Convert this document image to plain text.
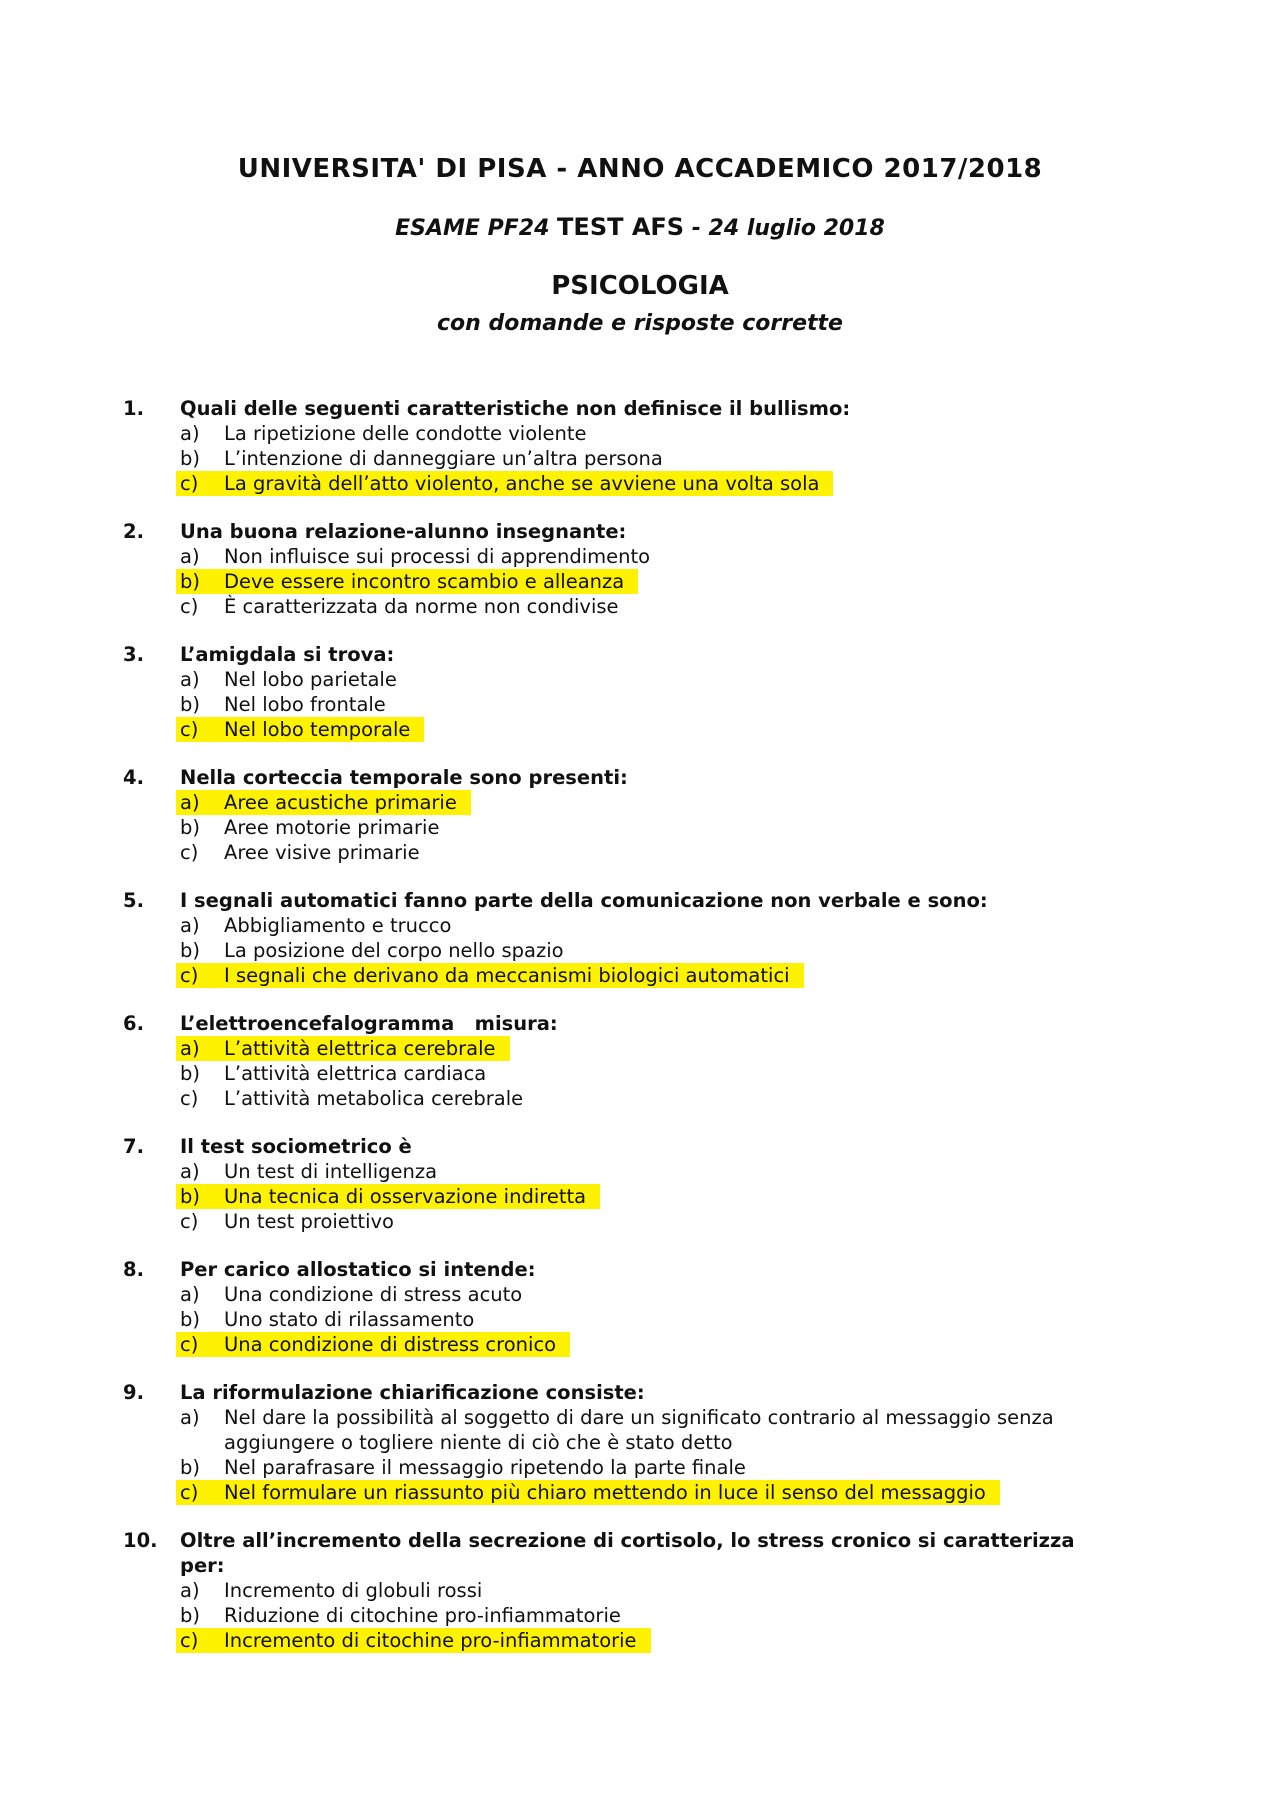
UNIVERSITA' DI PISA - ANNO ACCADEMICO 2017/2018
ESAME PF24 TEST AFS - 24 luglio 2018
PSICOLOGIA
con domande e risposte corrette
1.	Quali delle seguenti caratteristiche non definisce il bullismo:
a) La ripetizione delle condotte violente
b) L’intenzione di danneggiare un’altra persona
c) La gravità dell’atto violento, anche se avviene una volta sola
2.	Una buona relazione-alunno insegnante:
a) Non influisce sui processi di apprendimento
b) Deve essere incontro scambio e alleanza
c) È caratterizzata da norme non condivise
3.	L’amigdala si trova:
a) Nel lobo parietale
b) Nel lobo frontale
c) Nel lobo temporale
4.	Nella corteccia temporale sono presenti:
a) Aree acustiche primarie
b) Aree motorie primarie
c) Aree visive primarie
5.	I segnali automatici fanno parte della comunicazione non verbale e sono:
a) Abbigliamento e trucco
b) La posizione del corpo nello spazio
c) I segnali che derivano da meccanismi biologici automatici
6.	L’elettroencefalogramma   misura:
a) L’attività elettrica cerebrale
b) L’attività elettrica cardiaca
c) L’attività metabolica cerebrale
7.	Il test sociometrico è
a) Un test di intelligenza
b) Una tecnica di osservazione indiretta
c) Un test proiettivo
8.	Per carico allostatico si intende:
a) Una condizione di stress acuto
b) Uno stato di rilassamento
c) Una condizione di distress cronico
9.	La riformulazione chiarificazione consiste:
a) Nel dare la possibilità al soggetto di dare un significato contrario al messaggio senza aggiungere o togliere niente di ciò che è stato detto
b) Nel parafrasare il messaggio ripetendo la parte finale
c) Nel formulare un riassunto più chiaro mettendo in luce il senso del messaggio
10.	Oltre all’incremento della secrezione di cortisolo, lo stress cronico si caratterizza per:
a) Incremento di globuli rossi
b) Riduzione di citochine pro-infiammatorie
c) Incremento di citochine pro-infiammatorie
